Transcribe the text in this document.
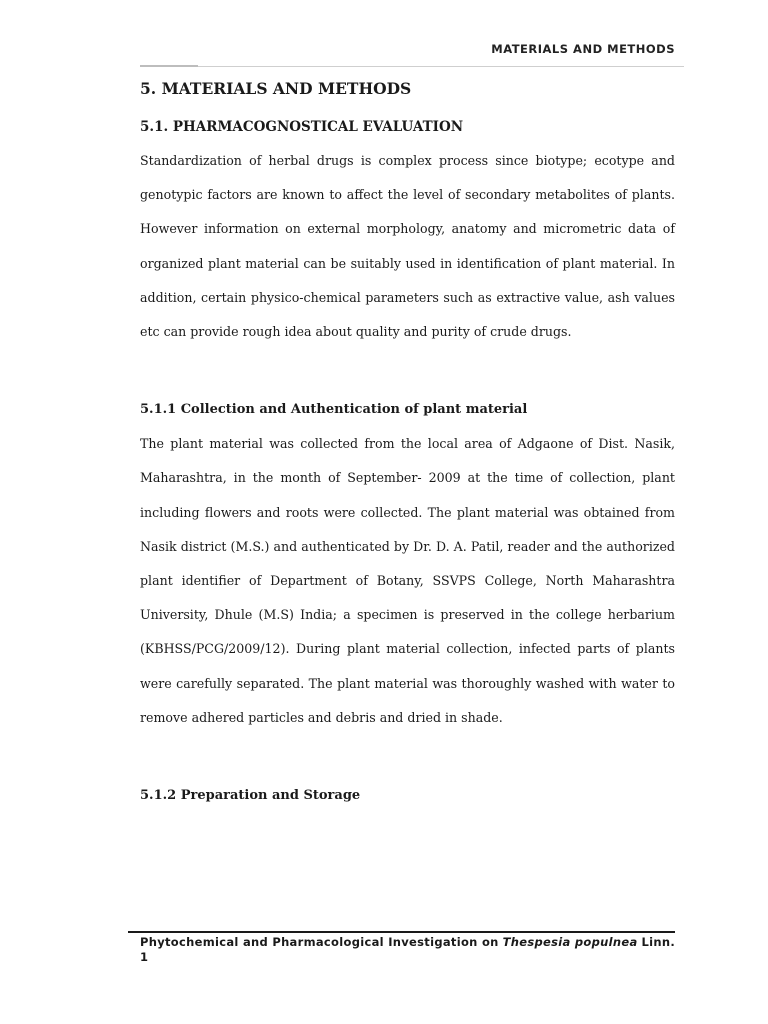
MATERIALS AND METHODS
5. MATERIALS AND METHODS
5.1. PHARMACOGNOSTICAL EVALUATION

Standardization of herbal drugs is complex process since biotype; ecotype and genotypic factors are known to affect the level of secondary metabolites of plants. However information on external morphology, anatomy and micrometric data of organized plant material can be suitably used in identification of plant material. In addition, certain physico-chemical parameters such as extractive value, ash values etc can provide rough idea about quality and purity of crude drugs.

5.1.1 Collection and Authentication of plant material

The plant material was collected from the local area of Adgaone of Dist. Nasik, Maharashtra, in the month of September- 2009 at the time of collection, plant including flowers and roots were collected. The plant material was obtained from Nasik district (M.S.) and authenticated by Dr. D. A. Patil, reader and the authorized plant identifier of Department of Botany, SSVPS College, North Maharashtra University, Dhule (M.S) India; a specimen is preserved in the college herbarium (KBHSS/PCG/2009/12). During plant material collection, infected parts of plants were carefully separated. The plant material was thoroughly washed with water to remove adhered particles and debris and dried in shade.

5.1.2 Preparation and Storage
Phytochemical and Pharmacological Investigation on Thespesia populnea Linn.
1
